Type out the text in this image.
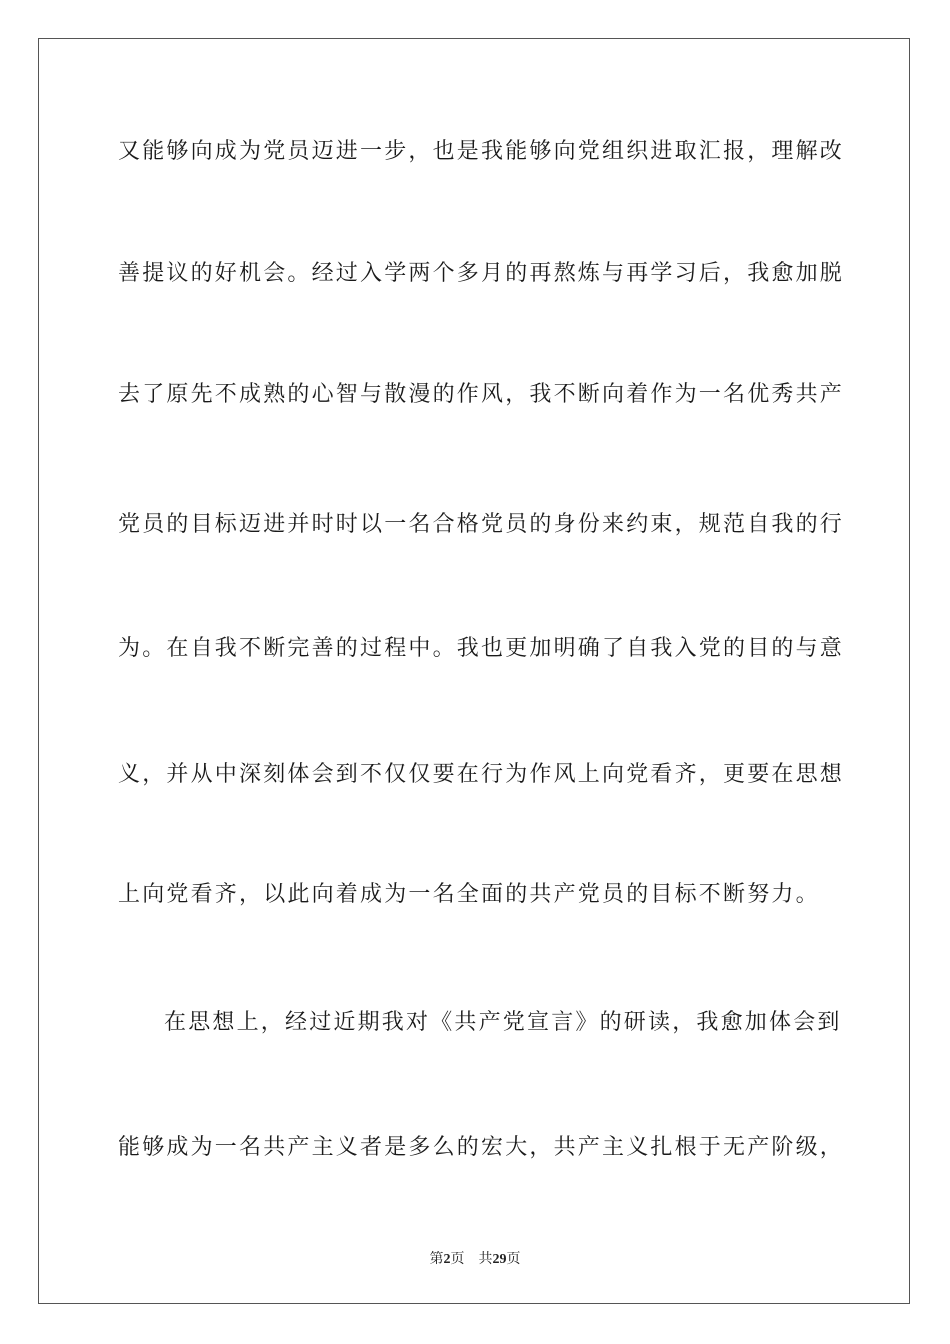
又能够向成为党员迈进一步，也是我能够向党组织进取汇报，理解改
善提议的好机会。经过入学两个多月的再熬炼与再学习后，我愈加脱
去了原先不成熟的心智与散漫的作风，我不断向着作为一名优秀共产
党员的目标迈进并时时以一名合格党员的身份来约束，规范自我的行
为。在自我不断完善的过程中。我也更加明确了自我入党的目的与意
义，并从中深刻体会到不仅仅要在行为作风上向党看齐，更要在思想
上向党看齐，以此向着成为一名全面的共产党员的目标不断努力。
在思想上，经过近期我对《共产党宣言》的研读，我愈加体会到
能够成为一名共产主义者是多么的宏大，共产主义扎根于无产阶级，
第2页 共29页
